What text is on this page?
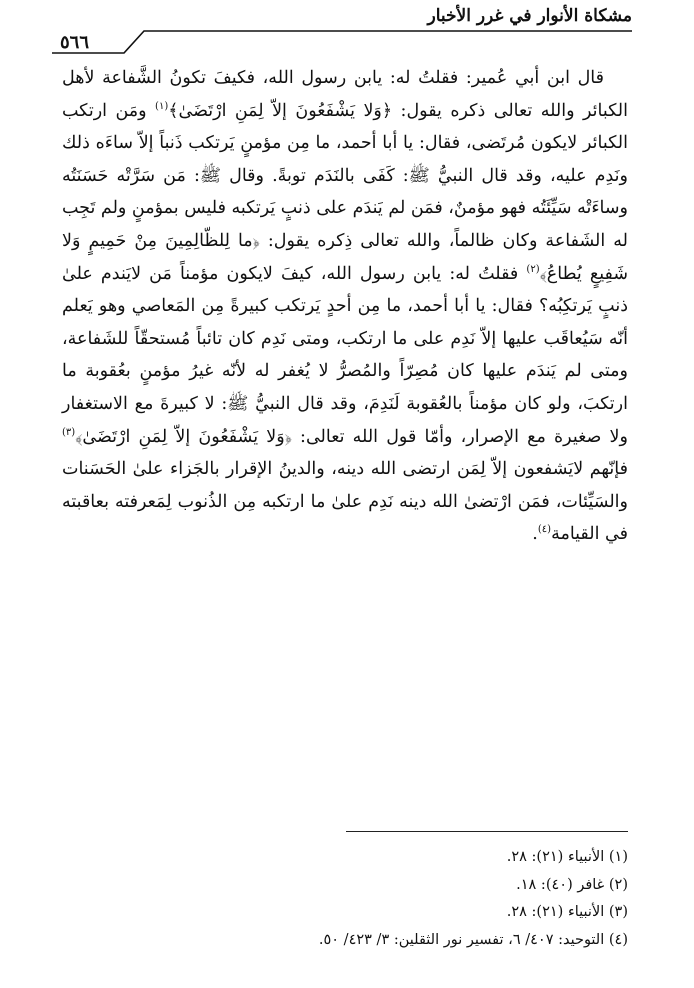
مشكاة الأنوار في غرر الأخبار
٥٦٦

قال ابن أبي عُمير: فقلتُ له: يابن رسول الله، فكيفَ تكونُ الشَّفاعة لأهل الكبائر والله تعالى ذكره يقول: ﴿وَلا يَشْفَعُونَ إلاّ لِمَنِ ارْتَضَىٰ﴾$^{(١)}$ ومَن ارتكب الكبائر لايكون مُرتَضى، فقال: يا أبا أحمد، ما مِن مؤمنٍ يَرتكب ذَنباً إلاّ ساءَه ذلك ونَدِم عليه، وقد قال النبيُّ ﷺ: كَفَى بالنَدَم توبةً. وقال ﷺ: مَن سَرَّتْه حَسَنَتُه وساءَتْه سَيِّئَتُه فهو مؤمنٌ، فمَن لم يَندَم على ذنبٍ يَرتكبه فليس بمؤمنٍ ولم تَجِب له الشَفاعة وكان ظالماً، والله تعالى ذِكره يقول: ﴿ما لِلظّالِمِينَ مِنْ حَمِيمٍ وَلا شَفِيعٍ يُطاعُ﴾$^{(٢)}$ فقلتُ له: يابن رسول الله، كيفَ لايكون مؤمناً مَن لايَندم علىٰ ذنبٍ يَرتكِبُه؟ فقال: يا أبا أحمد، ما مِن أحدٍ يَرتكب كبيرةً مِن المَعاصي وهو يَعلم أنّه سَيُعاقَب عليها إلاّ نَدِم على ما ارتكب، ومتى نَدِم كان تائباً مُستحقّاً للشَفاعة، ومتى لم يَندَم عليها كان مُصِرّاً والمُصرُّ لا يُغفر له لأنّه غيرُ مؤمنٍ بعُقوبة ما ارتكبَ، ولو كان مؤمناً بالعُقوبة لَنَدِمَ، وقد قال النبيُّ ﷺ: لا كبيرةَ مع الاستغفار ولا صغيرة مع الإصرار، وأمّا قول الله تعالى: ﴿وَلا يَشْفَعُونَ إلاّ لِمَنِ ارْتَضَىٰ﴾$^{(٣)}$ فإنّهم لايَشفعون إلاّ لِمَن ارتضى الله دينه، والدينُ الإقرار بالجَزاء علىٰ الحَسَنات والسَيِّئات، فمَن ارْتضىٰ الله دينه نَدِم علىٰ ما ارتكبه مِن الذُنوب لِمَعرفته بعاقبته في القيامة$^{(٤)}$.

(١) الأنبياء (٢١): ٢٨.
(٢) غافر (٤٠): ١٨.
(٣) الأنبياء (٢١): ٢٨.
(٤) التوحيد: ٤٠٧/ ٦، تفسير نور الثقلين: ٣/ ٤٢٣/ ٥٠.
